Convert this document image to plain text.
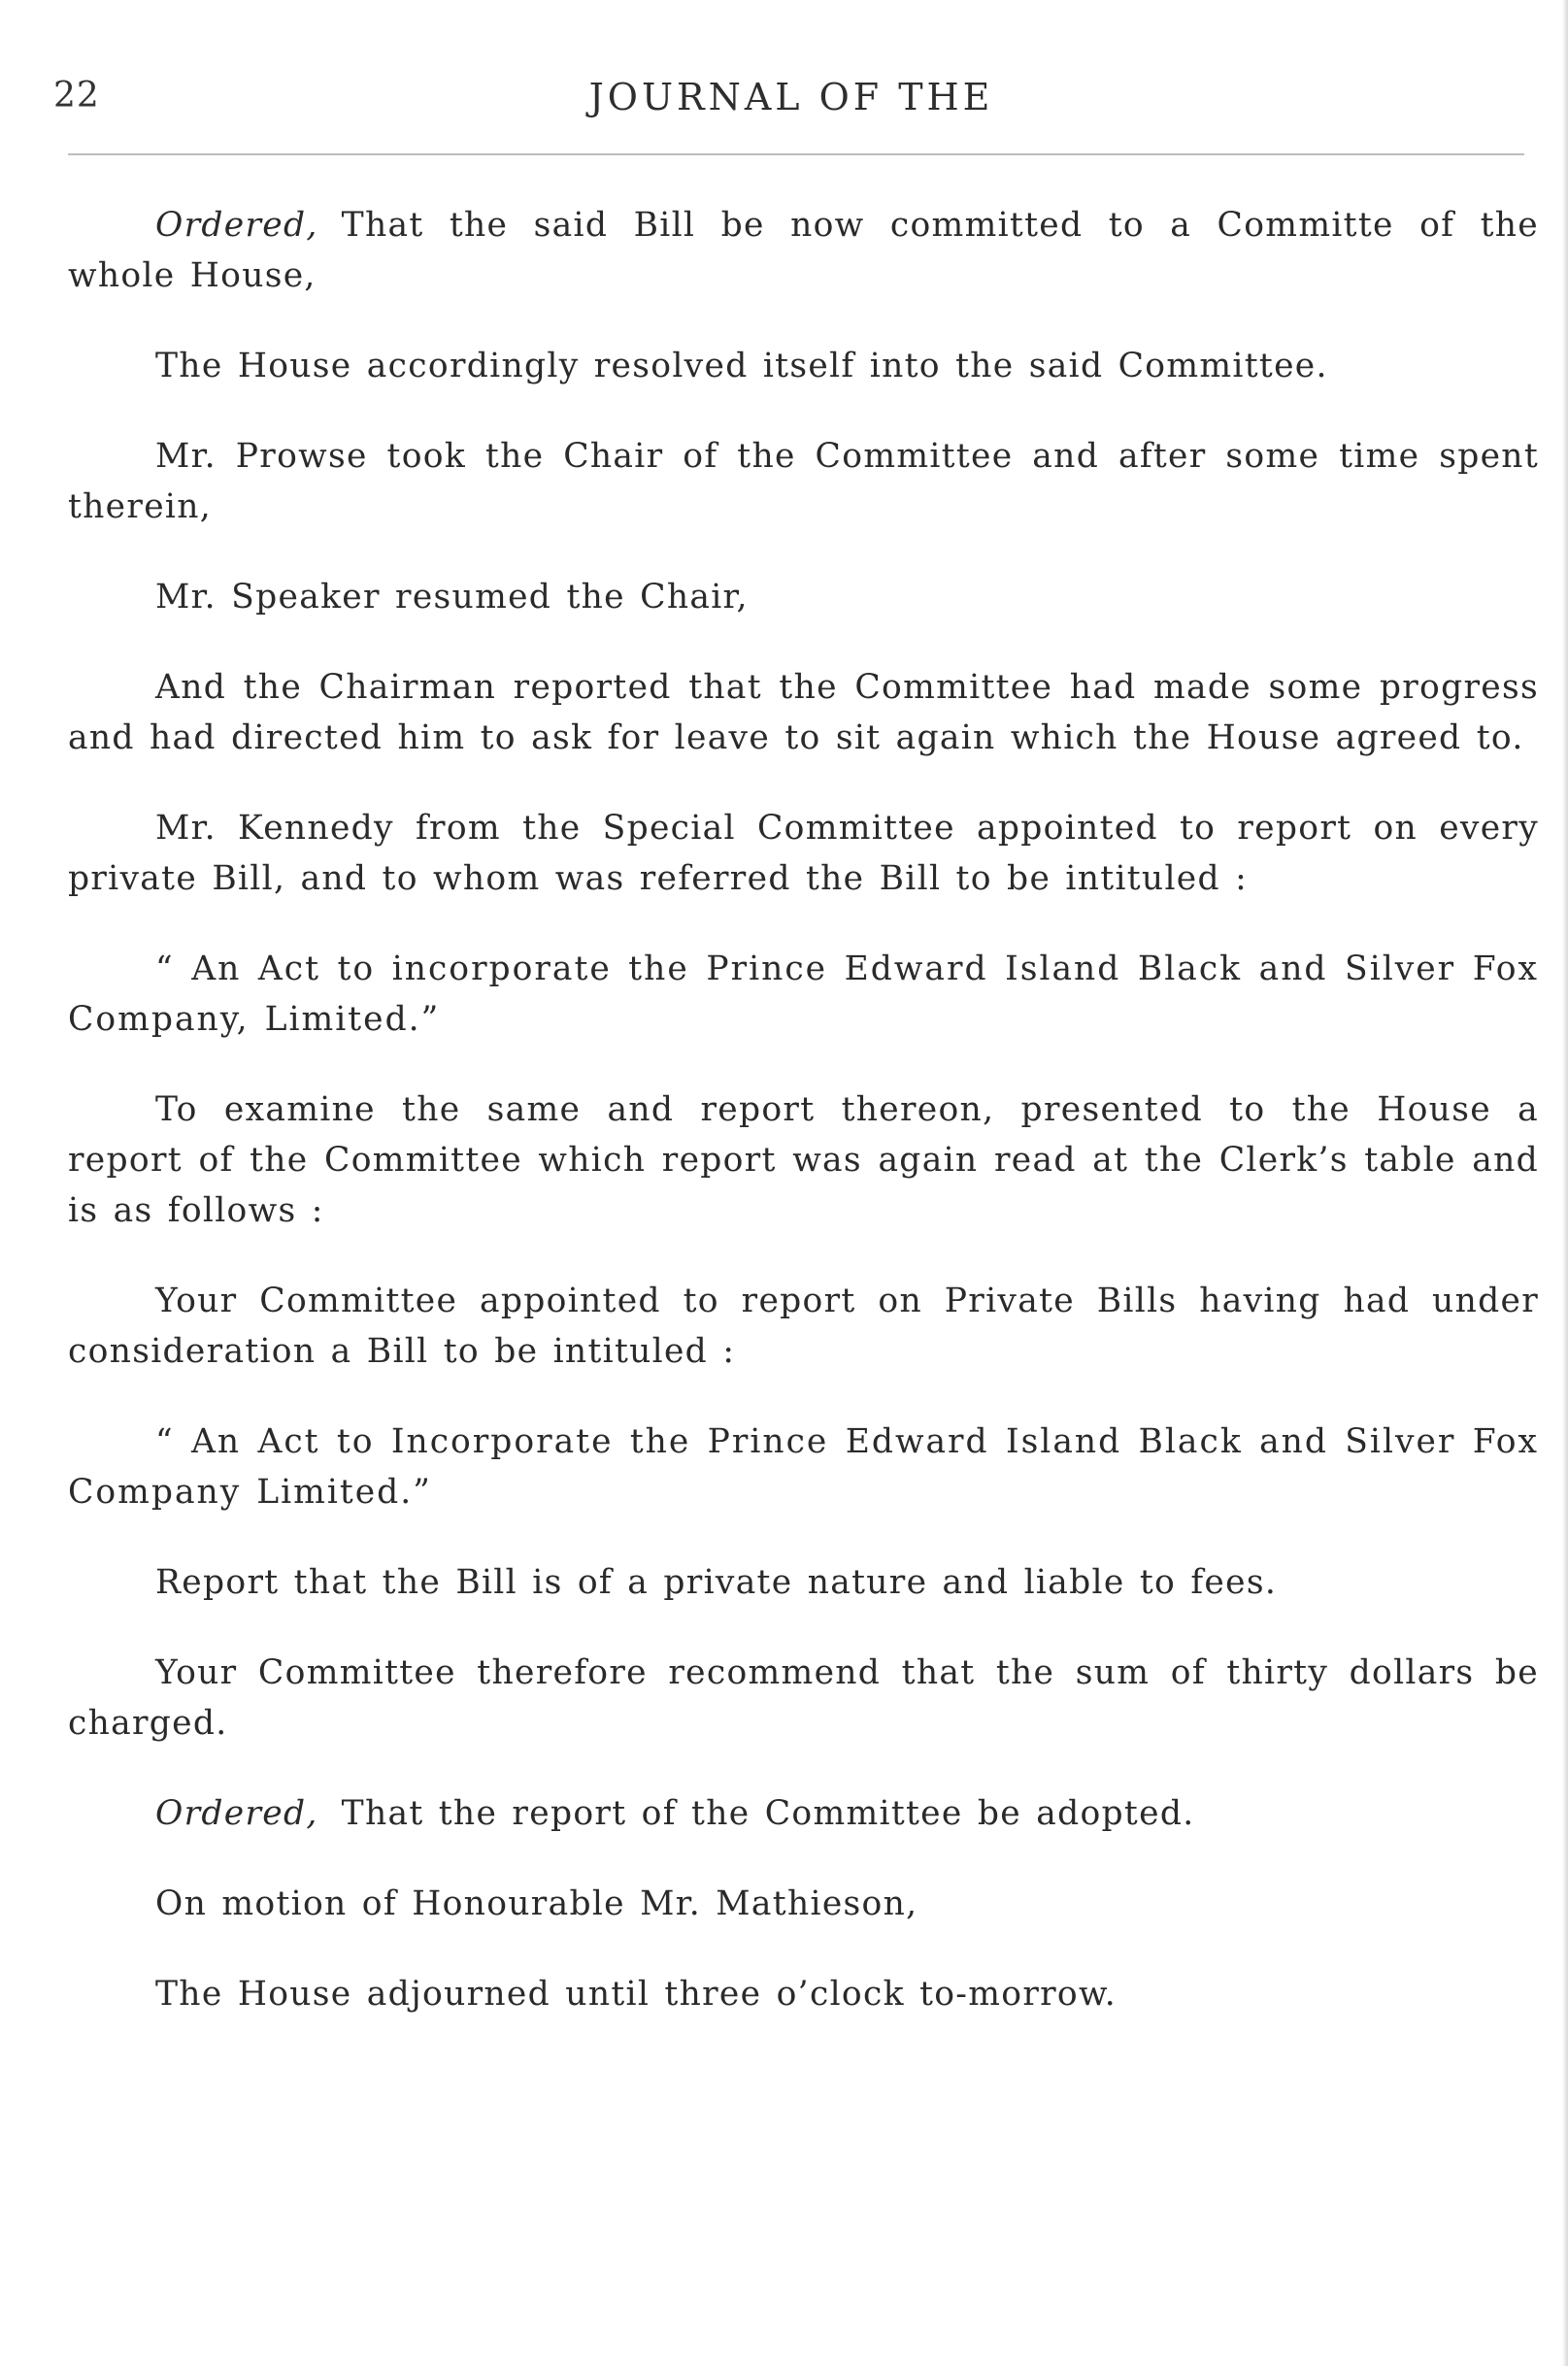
22	JOURNAL OF THE

Ordered, That the said Bill be now committed to a Committe of the whole House,

The House accordingly resolved itself into the said Committee.

Mr. Prowse took the Chair of the Committee and after some time spent therein,

Mr. Speaker resumed the Chair,

And the Chairman reported that the Committee had made some progress and had directed him to ask for leave to sit again which the House agreed to.

Mr. Kennedy from the Special Committee appointed to report on every private Bill, and to whom was referred the Bill to be intituled :

“ An Act to incorporate the Prince Edward Island Black and Silver Fox Company, Limited.”

To examine the same and report thereon, presented to the House a report of the Committee which report was again read at the Clerk’s table and is as follows :

Your Committee appointed to report on Private Bills having had under consideration a Bill to be intituled :

“ An Act to Incorporate the Prince Edward Island Black and Silver Fox Company Limited.”

Report that the Bill is of a private nature and liable to fees.

Your Committee therefore recommend that the sum of thirty dollars be charged.

Ordered, That the report of the Committee be adopted.

On motion of Honourable Mr. Mathieson,

The House adjourned until three o’clock to-morrow.
